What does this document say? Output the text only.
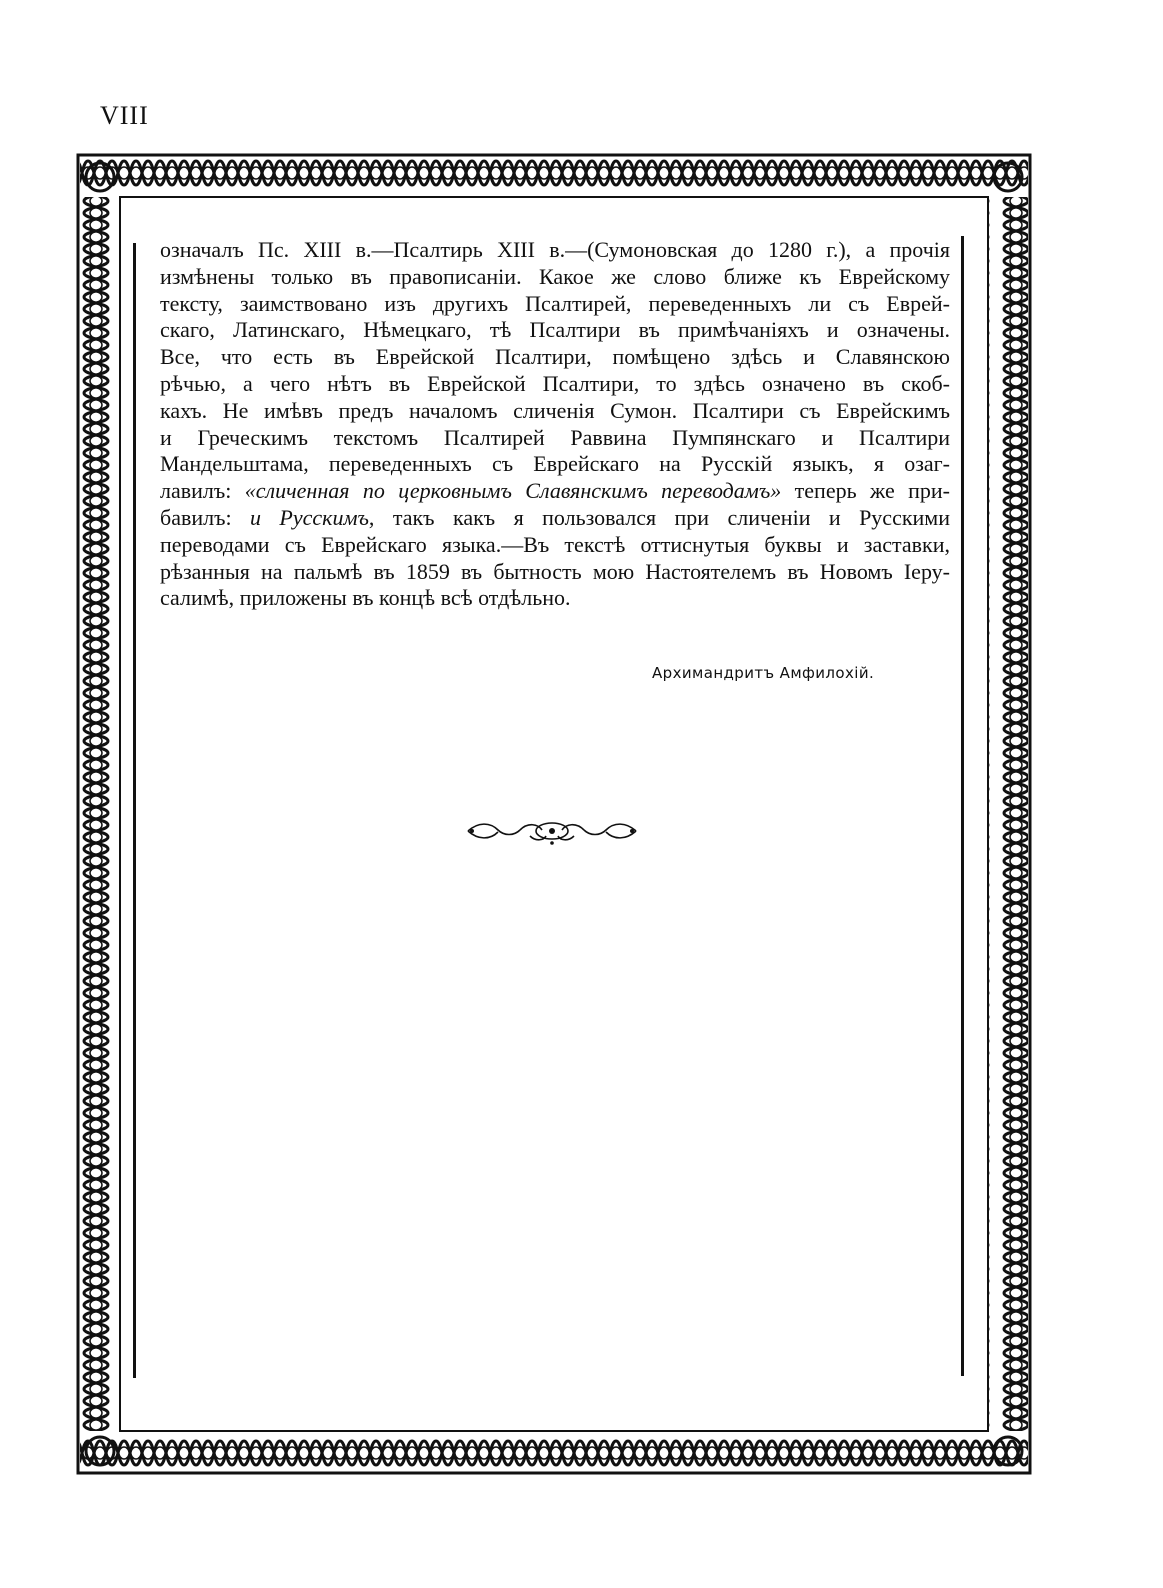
VIII
означалъ Пс. XIII в.—Псалтирь XIII в.—(Сумоновская до 1280 г.), а прочiя
измѣнены только въ правописанiи. Какое же слово ближе къ Еврейскому
тексту, заимствовано изъ другихъ Псалтирей, переведенныхъ ли съ Еврей-
скаго, Латинскаго, Нѣмецкаго, тѣ Псалтири въ примѣчанiяхъ и означены.
Все, что есть въ Еврейской Псалтири, помѣщено здѣсь и Славянскою
рѣчью, а чего нѣтъ въ Еврейской Псалтири, то здѣсь означено въ скоб-
кахъ. Не имѣвъ предъ началомъ сличенiя Сумон. Псалтири съ Еврейскимъ
и Греческимъ текстомъ Псалтирей Раввина Пумпянскаго и Псалтири
Мандельштама, переведенныхъ съ Еврейскаго на Русскiй языкъ, я озаг-
лавилъ: «сличенная по церковнымъ Славянскимъ переводамъ» теперь же при-
бавилъ: и Русскимъ, такъ какъ я пользовался при сличенiи и Русскими
переводами съ Еврейскаго языка.—Въ текстѣ оттиснутыя буквы и заставки,
рѣзанныя на пальмѣ въ 1859 въ бытность мою Настоятелемъ въ Новомъ Iеру-
салимѣ, приложены въ концѣ всѣ отдѣльно.
Архимандритъ Амфилохiй.
